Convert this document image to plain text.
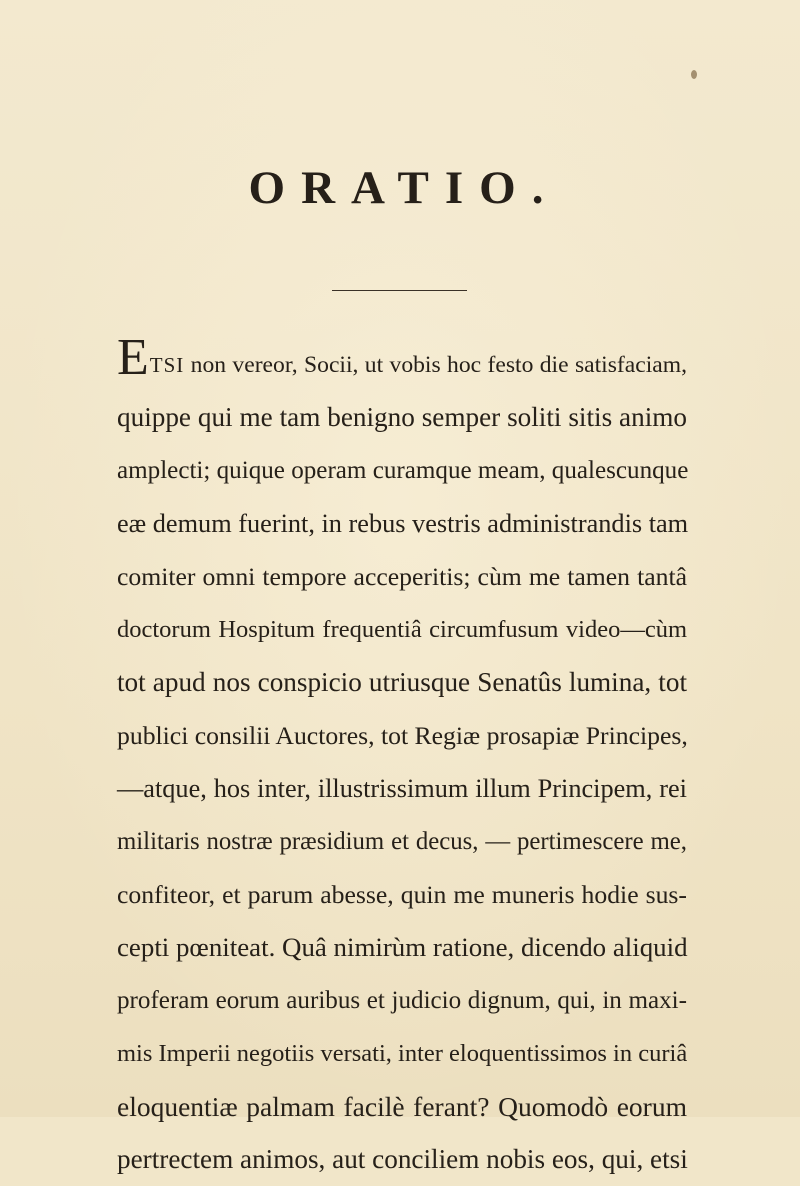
ORATIO.
ETSI non vereor, Socii, ut vobis hoc festo die satisfaciam,
quippe qui me tam benigno semper soliti sitis animo
amplecti; quique operam curamque meam, qualescunque
eæ demum fuerint, in rebus vestris administrandis tam
comiter omni tempore acceperitis; cùm me tamen tantâ
doctorum Hospitum frequentiâ circumfusum video—cùm
tot apud nos conspicio utriusque Senatûs lumina, tot
publici consilii Auctores, tot Regiæ prosapiæ Principes,
—atque, hos inter, illustrissimum illum Principem, rei
militaris nostræ præsidium et decus, — pertimescere me,
confiteor, et parum abesse, quin me muneris hodie sus-
cepti pœniteat. Quâ nimirùm ratione, dicendo aliquid
proferam eorum auribus et judicio dignum, qui, in maxi-
mis Imperii negotiis versati, inter eloquentissimos in curiâ
eloquentiæ palmam facilè ferant? Quomodò eorum
pertrectem animos, aut conciliem nobis eos, qui, etsi
